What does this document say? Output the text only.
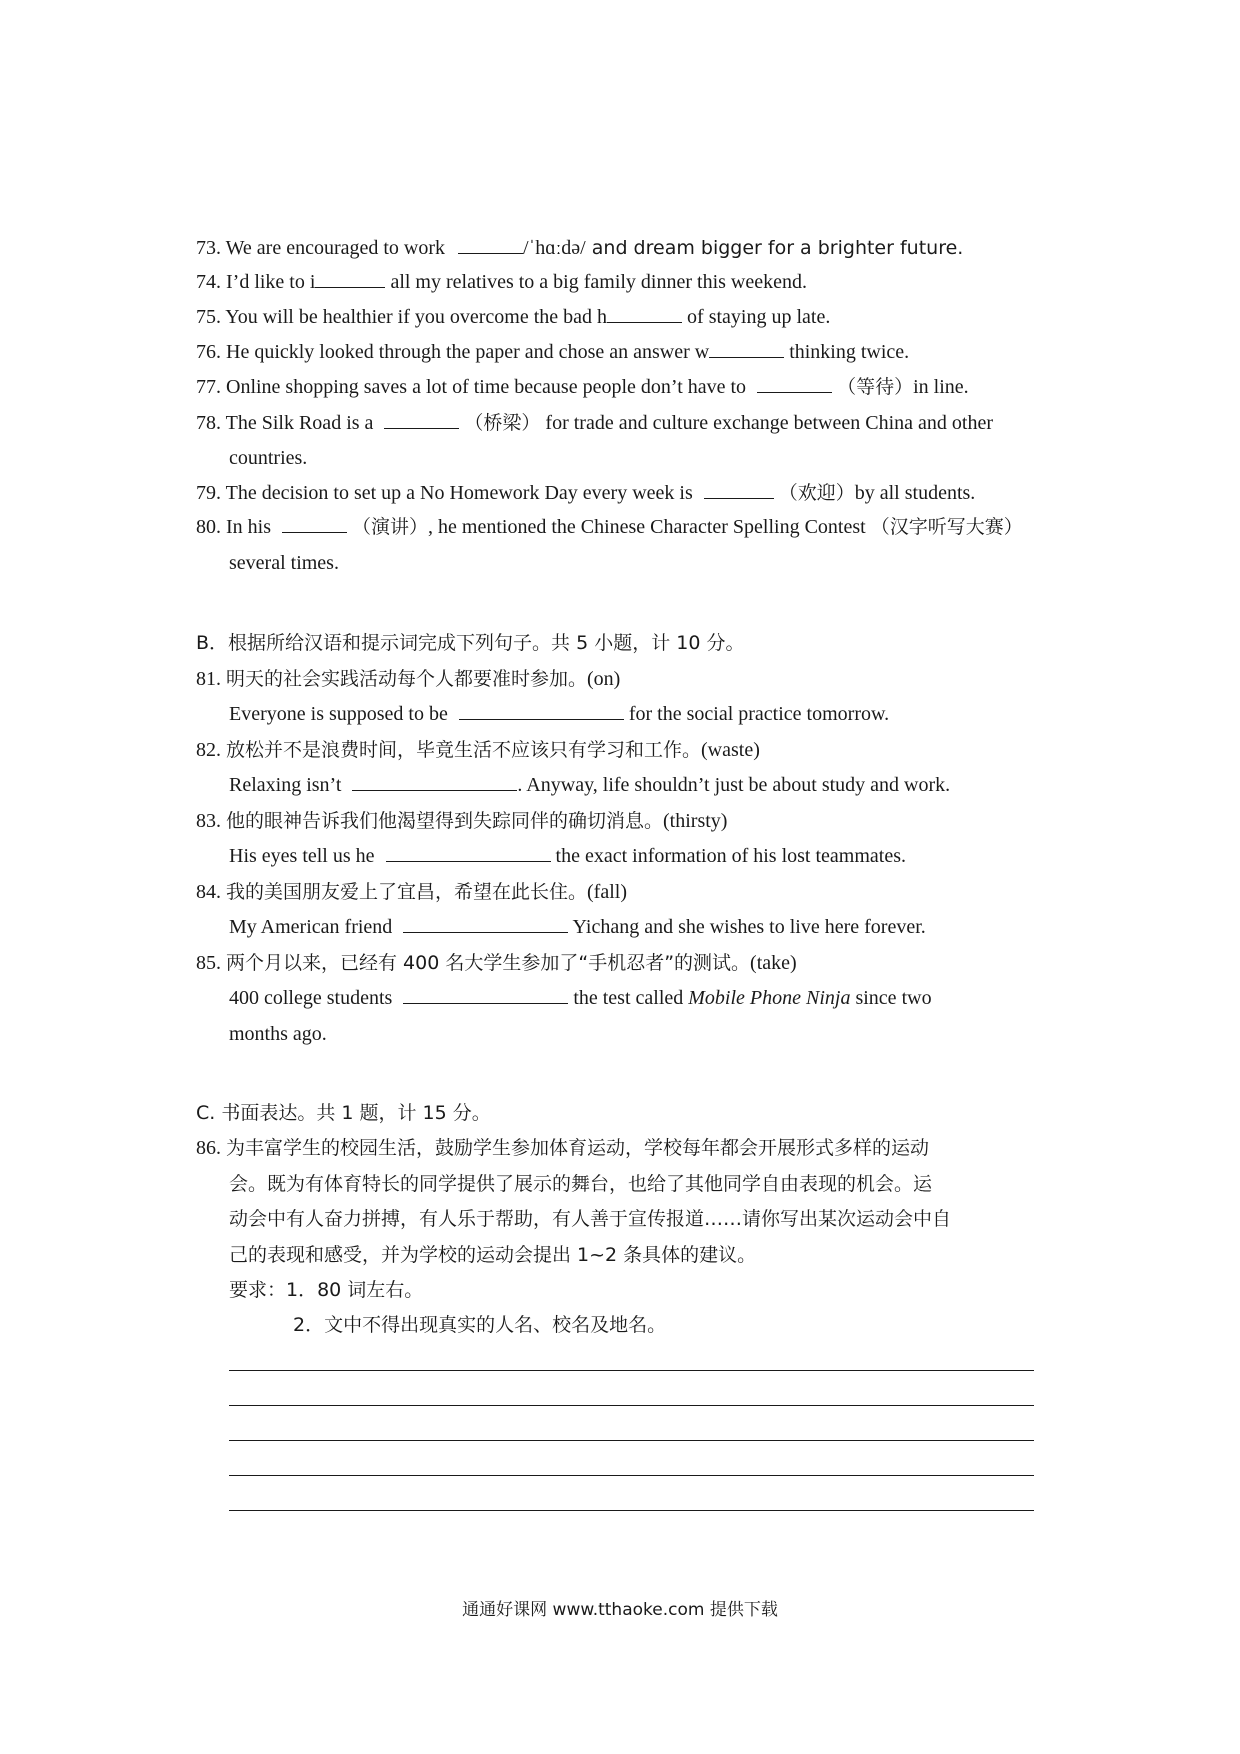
73. We are encouraged to work	/ˈhɑːdə/ and dream bigger for a brighter future.
74. I’d like to i	all my relatives to a big family dinner this weekend.
75. You will be healthier if you overcome the bad h	of staying up late.
76. He quickly looked through the paper and chose an answer w	thinking twice.
77. Online shopping saves a lot of time because people don’t have to	（等待）in line.
78. The Silk Road is a	（桥梁） for trade and culture exchange between China and other
countries.
79. The decision to set up a No Homework Day every week is	（欢迎）by all students.
80. In his	（演讲）, he mentioned the Chinese Character Spelling Contest （汉字听写大赛）
several times.
B．根据所给汉语和提示词完成下列句子。共 5 小题，计 10 分。
81. 明天的社会实践活动每个人都要准时参加。(on)
Everyone is supposed to be	for the social practice tomorrow.
82. 放松并不是浪费时间，毕竟生活不应该只有学习和工作。(waste)
Relaxing isn’t	. Anyway, life shouldn’t just be about study and work.
83. 他的眼神告诉我们他渴望得到失踪同伴的确切消息。(thirsty)
His eyes tell us he	the exact information of his lost teammates.
84. 我的美国朋友爱上了宜昌，希望在此长住。(fall)
My American friend	Yichang and she wishes to live here forever.
85. 两个月以来，已经有 400 名大学生参加了“手机忍者”的测试。(take)
400 college students	the test called Mobile Phone Ninja since two
months ago.
C. 书面表达。共 1 题，计 15 分。
86. 为丰富学生的校园生活，鼓励学生参加体育运动，学校每年都会开展形式多样的运动
会。既为有体育特长的同学提供了展示的舞台，也给了其他同学自由表现的机会。运
动会中有人奋力拼搏，有人乐于帮助，有人善于宣传报道……请你写出某次运动会中自
己的表现和感受，并为学校的运动会提出 1~2 条具体的建议。
要求：1．80 词左右。
2．文中不得出现真实的人名、校名及地名。
通通好课网 www.tthaoke.com 提供下载
